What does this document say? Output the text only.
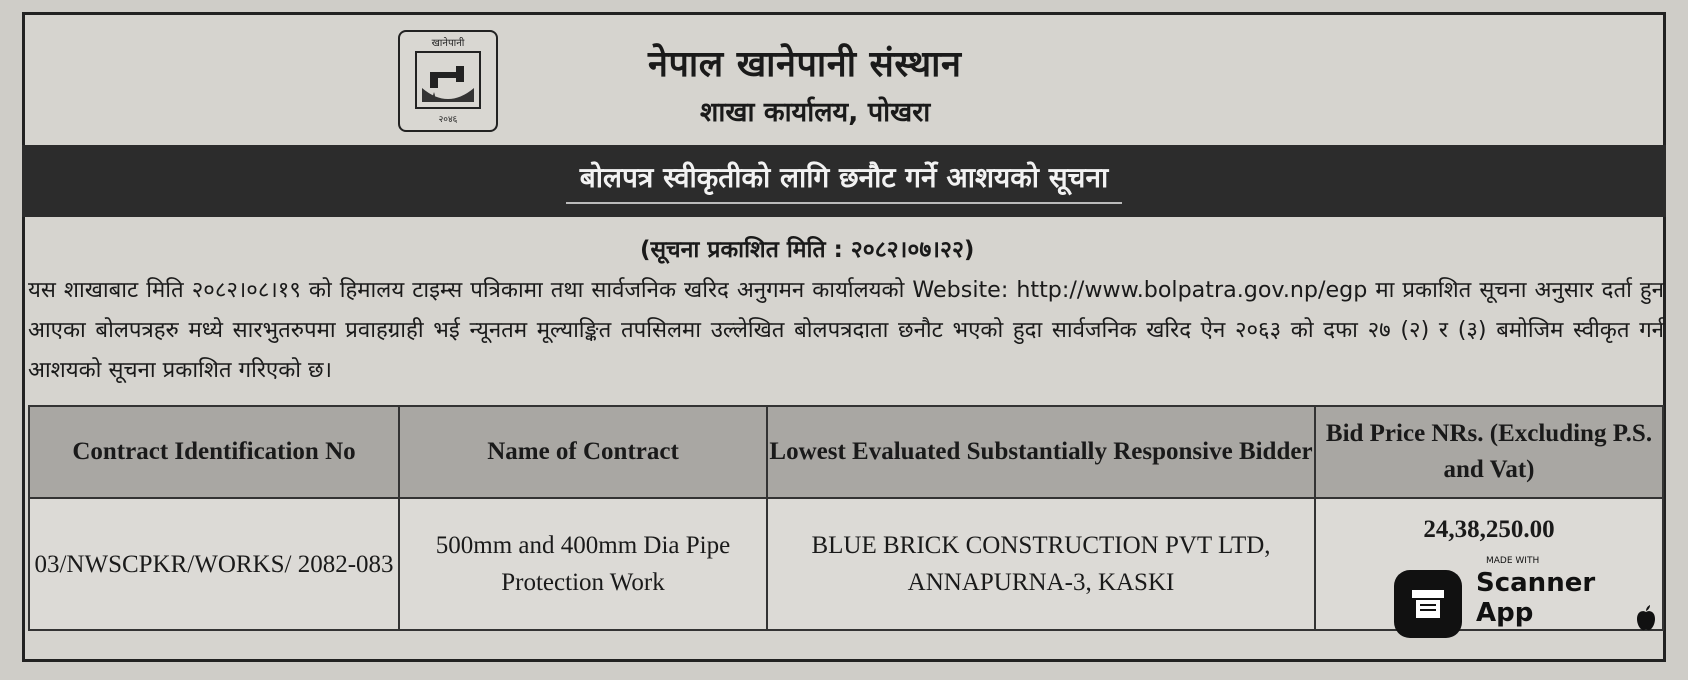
खानेपानी
२०४६
नेपाल खानेपानी संस्थान
शाखा कार्यालय, पोखरा
बोलपत्र स्वीकृतीको लागि छनौट गर्ने आशयको सूचना
(सूचना प्रकाशित मिति : २०८२।०७।२२)
यस शाखाबाट मिति २०८२।०८।१९ को हिमालय टाइम्स पत्रिकामा तथा सार्वजनिक खरिद अनुगमन कार्यालयको Website: http://www.bolpatra.gov.np/egp मा प्रकाशित सूचना अनुसार दर्ता हुन आएका बोलपत्रहरु मध्ये सारभुतरुपमा प्रवाहग्राही भई न्यूनतम मूल्याङ्कित तपसिलमा उल्लेखित बोलपत्रदाता छनौट भएको हुदा सार्वजनिक खरिद ऐन २०६३ को दफा २७ (२) र (३) बमोजिम स्वीकृत गर्न आशयको सूचना प्रकाशित गरिएको छ।
Contract Identification No	Name of Contract	Lowest Evaluated Substantially Responsive Bidder	Bid Price NRs. (Excluding P.S. and Vat)
03/NWSCPKR/WORKS/ 2082-083	500mm and 400mm Dia Pipe Protection Work	BLUE BRICK CONSTRUCTION PVT LTD, ANNAPURNA-3, KASKI	24,38,250.00
MADE WITH
Scanner
App
